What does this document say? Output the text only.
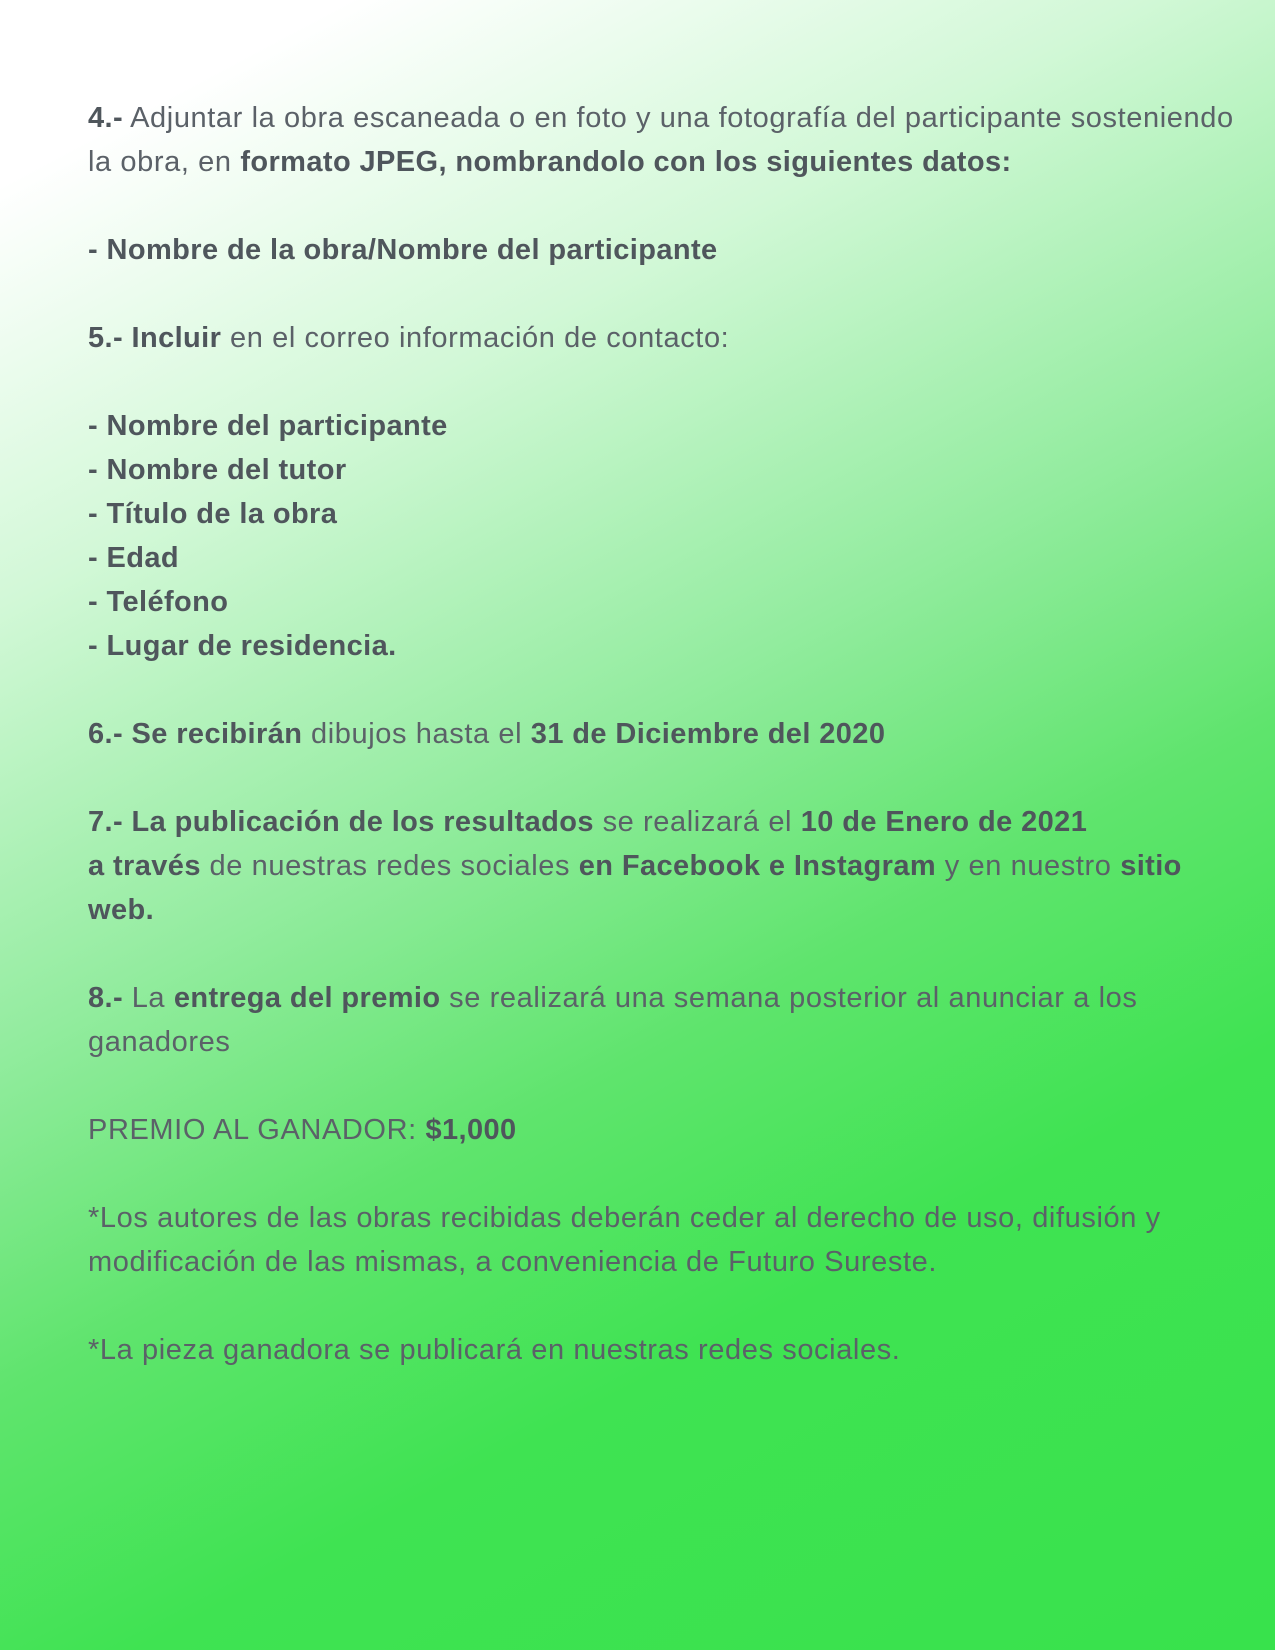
4.- Adjuntar la obra escaneada o en foto y una fotografía del participante sosteniendo la obra, en formato JPEG, nombrandolo con los siguientes datos:

- Nombre de la obra/Nombre del participante

5.- Incluir en el correo información de contacto:

- Nombre del participante
- Nombre del tutor
- Título de la obra
- Edad
- Teléfono
- Lugar de residencia.

6.- Se recibirán dibujos hasta el 31 de Diciembre del 2020

7.- La publicación de los resultados se realizará el 10 de Enero de 2021
a través de nuestras redes sociales en Facebook e Instagram y en nuestro sitio web.

8.- La entrega del premio se realizará una semana posterior al anunciar a los ganadores

PREMIO AL GANADOR: $1,000

*Los autores de las obras recibidas deberán ceder al derecho de uso, difusión y modificación de las mismas, a conveniencia de Futuro Sureste.

*La pieza ganadora se publicará en nuestras redes sociales.
